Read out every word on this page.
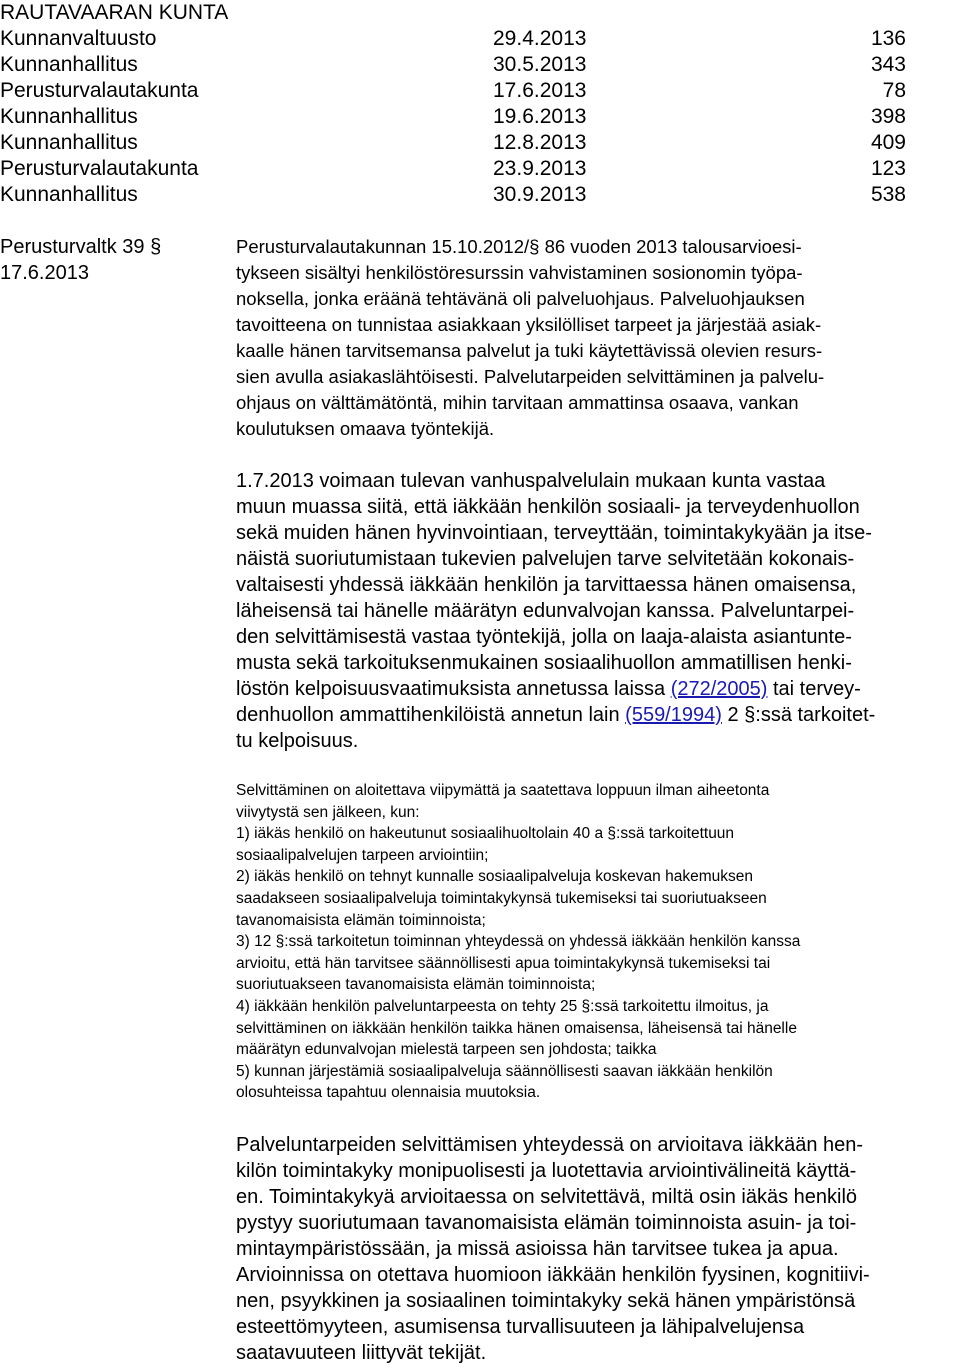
RAUTAVAARAN KUNTA
Kunnanvaltuusto	29.4.2013	136
Kunnanhallitus	30.5.2013	343
Perusturvalautakunta	17.6.2013	78
Kunnanhallitus	19.6.2013	398
Kunnanhallitus	12.8.2013	409
Perusturvalautakunta	23.9.2013	123
Kunnanhallitus	30.9.2013	538
Perusturvaltk 39 §
17.6.2013

Perusturvalautakunnan 15.10.2012/§ 86 vuoden 2013 talousarvioesi-
tykseen sisältyi henkilöstöresurssin vahvistaminen sosionomin työpa-
noksella, jonka eräänä tehtävänä oli palveluohjaus. Palveluohjauksen
tavoitteena on tunnistaa asiakkaan yksilölliset tarpeet ja järjestää asiak-
kaalle hänen tarvitsemansa palvelut ja tuki käytettävissä olevien resurs-
sien avulla asiakaslähtöisesti. Palvelutarpeiden selvittäminen ja palvelu-
ohjaus on välttämätöntä, mihin tarvitaan ammattinsa osaava, vankan
koulutuksen omaava työntekijä.

1.7.2013 voimaan tulevan vanhuspalvelulain mukaan kunta vastaa
muun muassa siitä, että iäkkään henkilön sosiaali- ja terveydenhuollon
sekä muiden hänen hyvinvointiaan, terveyttään, toimintakykyään ja itse-
näistä suoriutumistaan tukevien palvelujen tarve selvitetään kokonais-
valtaisesti yhdessä iäkkään henkilön ja tarvittaessa hänen omaisensa,
läheisensä tai hänelle määrätyn edunvalvojan kanssa. Palveluntarpei-
den selvittämisestä vastaa työntekijä, jolla on laaja-alaista asiantunte-
musta sekä tarkoituksenmukainen sosiaalihuollon ammatillisen henki-
löstön kelpoisuusvaatimuksista annetussa laissa (272/2005) tai tervey-
denhuollon ammattihenkilöistä annetun lain (559/1994) 2 §:ssä tarkoitet-
tu kelpoisuus.

Selvittäminen on aloitettava viipymättä ja saatettava loppuun ilman aiheetonta
viivytystä sen jälkeen, kun:
1) iäkäs henkilö on hakeutunut sosiaalihuoltolain 40 a §:ssä tarkoitettuun
sosiaalipalvelujen tarpeen arviointiin;
2) iäkäs henkilö on tehnyt kunnalle sosiaalipalveluja koskevan hakemuksen
saadakseen sosiaalipalveluja toimintakykynsä tukemiseksi tai suoriutuakseen
tavanomaisista elämän toiminnoista;
3) 12 §:ssä tarkoitetun toiminnan yhteydessä on yhdessä iäkkään henkilön kanssa
arvioitu, että hän tarvitsee säännöllisesti apua toimintakykynsä tukemiseksi tai
suoriutuakseen tavanomaisista elämän toiminnoista;
4) iäkkään henkilön palveluntarpeesta on tehty 25 §:ssä tarkoitettu ilmoitus, ja
selvittäminen on iäkkään henkilön taikka hänen omaisensa, läheisensä tai hänelle
määrätyn edunvalvojan mielestä tarpeen sen johdosta; taikka
5) kunnan järjestämiä sosiaalipalveluja säännöllisesti saavan iäkkään henkilön
olosuhteissa tapahtuu olennaisia muutoksia.

Palveluntarpeiden selvittämisen yhteydessä on arvioitava iäkkään hen-
kilön toimintakyky monipuolisesti ja luotettavia arviointivälineitä käyttä-
en. Toimintakykyä arvioitaessa on selvitettävä, miltä osin iäkäs henkilö
pystyy suoriutumaan tavanomaisista elämän toiminnoista asuin- ja toi-
mintaympäristössään, ja missä asioissa hän tarvitsee tukea ja apua.
Arvioinnissa on otettava huomioon iäkkään henkilön fyysinen, kognitiivi-
nen, psyykkinen ja sosiaalinen toimintakyky sekä hänen ympäristönsä
esteettömyyteen, asumisensa turvallisuuteen ja lähipalvelujensa
saatavuuteen liittyvät tekijät.
